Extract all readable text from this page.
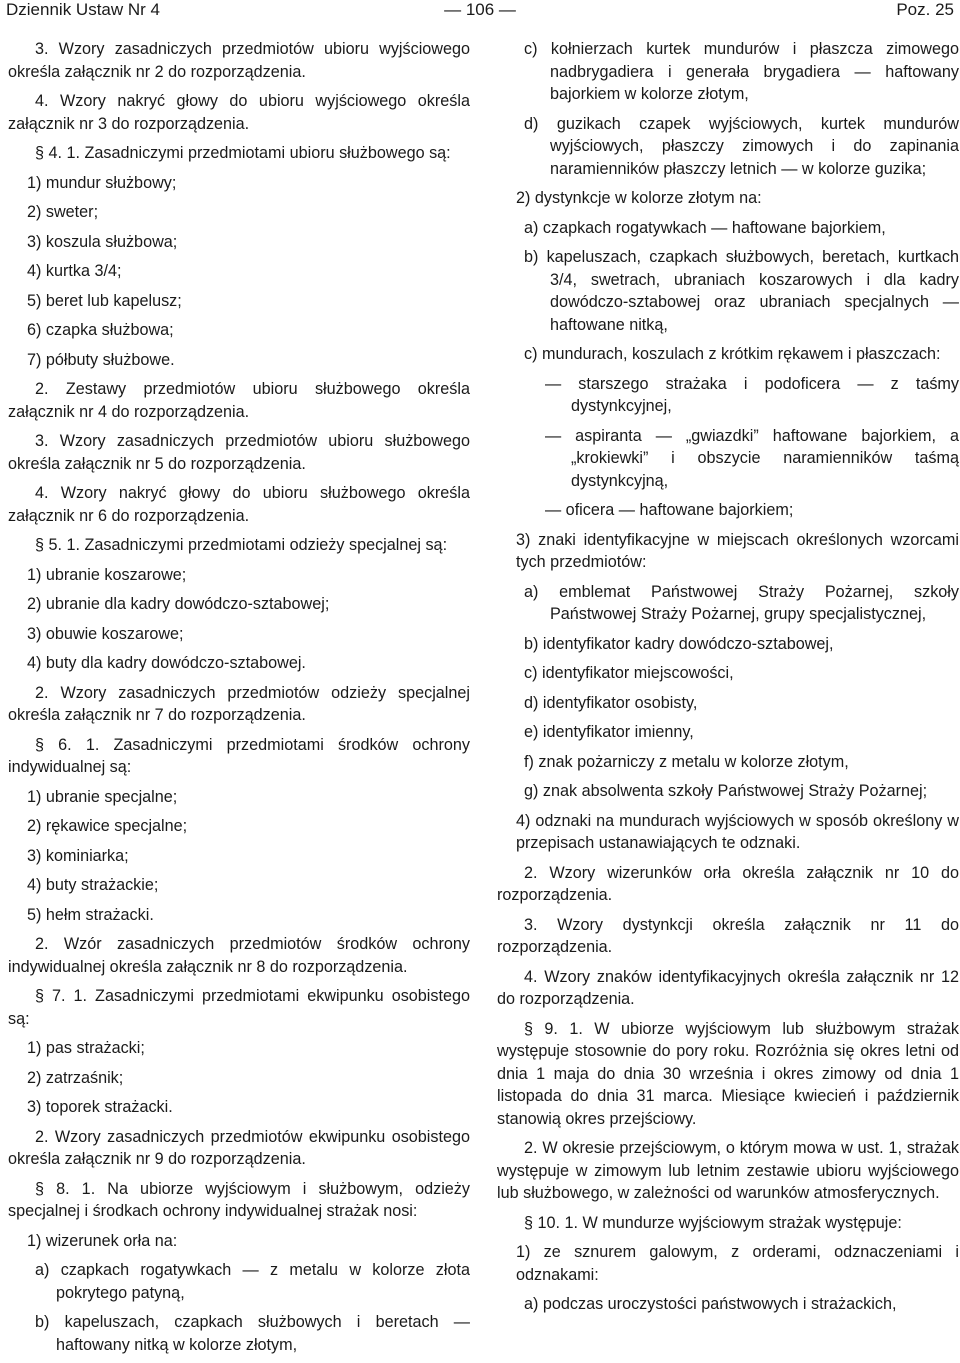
Dziennik Ustaw Nr 4	— 106 —	Poz. 25

3. Wzory zasadniczych przedmiotów ubioru wyjściowego określa załącznik nr 2 do rozporządzenia.

4. Wzory nakryć głowy do ubioru wyjściowego określa załącznik nr 3 do rozporządzenia.

§ 4. 1. Zasadniczymi przedmiotami ubioru służbowego są:

1) mundur służbowy;

2) sweter;

3) koszula służbowa;

4) kurtka 3/4;

5) beret lub kapelusz;

6) czapka służbowa;

7) półbuty służbowe.

2. Zestawy przedmiotów ubioru służbowego określa załącznik nr 4 do rozporządzenia.

3. Wzory zasadniczych przedmiotów ubioru służbowego określa załącznik nr 5 do rozporządzenia.

4. Wzory nakryć głowy do ubioru służbowego określa załącznik nr 6 do rozporządzenia.

§ 5. 1. Zasadniczymi przedmiotami odzieży specjalnej są:

1) ubranie koszarowe;

2) ubranie dla kadry dowódczo-sztabowej;

3) obuwie koszarowe;

4) buty dla kadry dowódczo-sztabowej.

2. Wzory zasadniczych przedmiotów odzieży specjalnej określa załącznik nr 7 do rozporządzenia.

§ 6. 1. Zasadniczymi przedmiotami środków ochrony indywidualnej są:

1) ubranie specjalne;

2) rękawice specjalne;

3) kominiarka;

4) buty strażackie;

5) hełm strażacki.

2. Wzór zasadniczych przedmiotów środków ochrony indywidualnej określa załącznik nr 8 do rozporządzenia.

§ 7. 1. Zasadniczymi przedmiotami ekwipunku osobistego są:

1) pas strażacki;

2) zatrzaśnik;

3) toporek strażacki.

2. Wzory zasadniczych przedmiotów ekwipunku osobistego określa załącznik nr 9 do rozporządzenia.

§ 8. 1. Na ubiorze wyjściowym i służbowym, odzieży specjalnej i środkach ochrony indywidualnej strażak nosi:

1) wizerunek orła na:

a) czapkach rogatywkach — z metalu w kolorze złota pokrytego patyną,

b) kapeluszach, czapkach służbowych i beretach — haftowany nitką w kolorze złotym,

c) kołnierzach kurtek mundurów i płaszcza zimowego nadbrygadiera i generała brygadiera — haftowany bajorkiem w kolorze złotym,

d) guzikach czapek wyjściowych, kurtek mundurów wyjściowych, płaszczy zimowych i do zapinania naramienników płaszczy letnich — w kolorze guzika;

2) dystynkcje w kolorze złotym na:

a) czapkach rogatywkach — haftowane bajorkiem,

b) kapeluszach, czapkach służbowych, beretach, kurtkach 3/4, swetrach, ubraniach koszarowych i dla kadry dowódczo-sztabowej oraz ubraniach specjalnych — haftowane nitką,

c) mundurach, koszulach z krótkim rękawem i płaszczach:

— starszego strażaka i podoficera — z taśmy dystynkcyjnej,

— aspiranta — „gwiazdki” haftowane bajorkiem, a „krokiewki” i obszycie naramienników taśmą dystynkcyjną,

— oficera — haftowane bajorkiem;

3) znaki identyfikacyjne w miejscach określonych wzorcami tych przedmiotów:

a) emblemat Państwowej Straży Pożarnej, szkoły Państwowej Straży Pożarnej, grupy specjalistycznej,

b) identyfikator kadry dowódczo-sztabowej,

c) identyfikator miejscowości,

d) identyfikator osobisty,

e) identyfikator imienny,

f) znak pożarniczy z metalu w kolorze złotym,

g) znak absolwenta szkoły Państwowej Straży Pożarnej;

4) odznaki na mundurach wyjściowych w sposób określony w przepisach ustanawiających te odznaki.

2. Wzory wizerunków orła określa załącznik nr 10 do rozporządzenia.

3. Wzory dystynkcji określa załącznik nr 11 do rozporządzenia.

4. Wzory znaków identyfikacyjnych określa załącznik nr 12 do rozporządzenia.

§ 9. 1. W ubiorze wyjściowym lub służbowym strażak występuje stosownie do pory roku. Rozróżnia się okres letni od dnia 1 maja do dnia 30 września i okres zimowy od dnia 1 listopada do dnia 31 marca. Miesiące kwiecień i październik stanowią okres przejściowy.

2. W okresie przejściowym, o którym mowa w ust. 1, strażak występuje w zimowym lub letnim zestawie ubioru wyjściowego lub służbowego, w zależności od warunków atmosferycznych.

§ 10. 1. W mundurze wyjściowym strażak występuje:

1) ze sznurem galowym, z orderami, odznaczeniami i odznakami:

a) podczas uroczystości państwowych i strażackich,
